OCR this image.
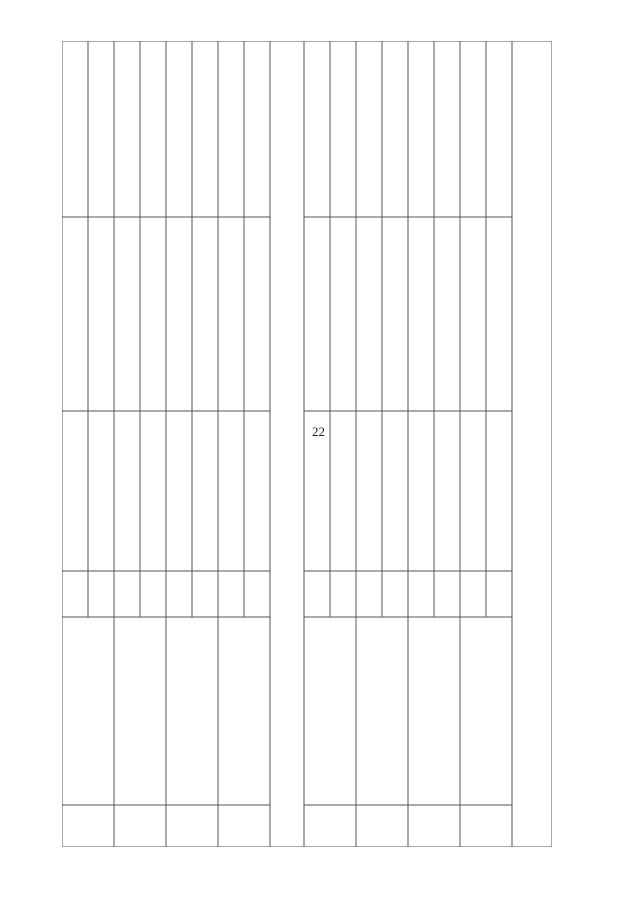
22
